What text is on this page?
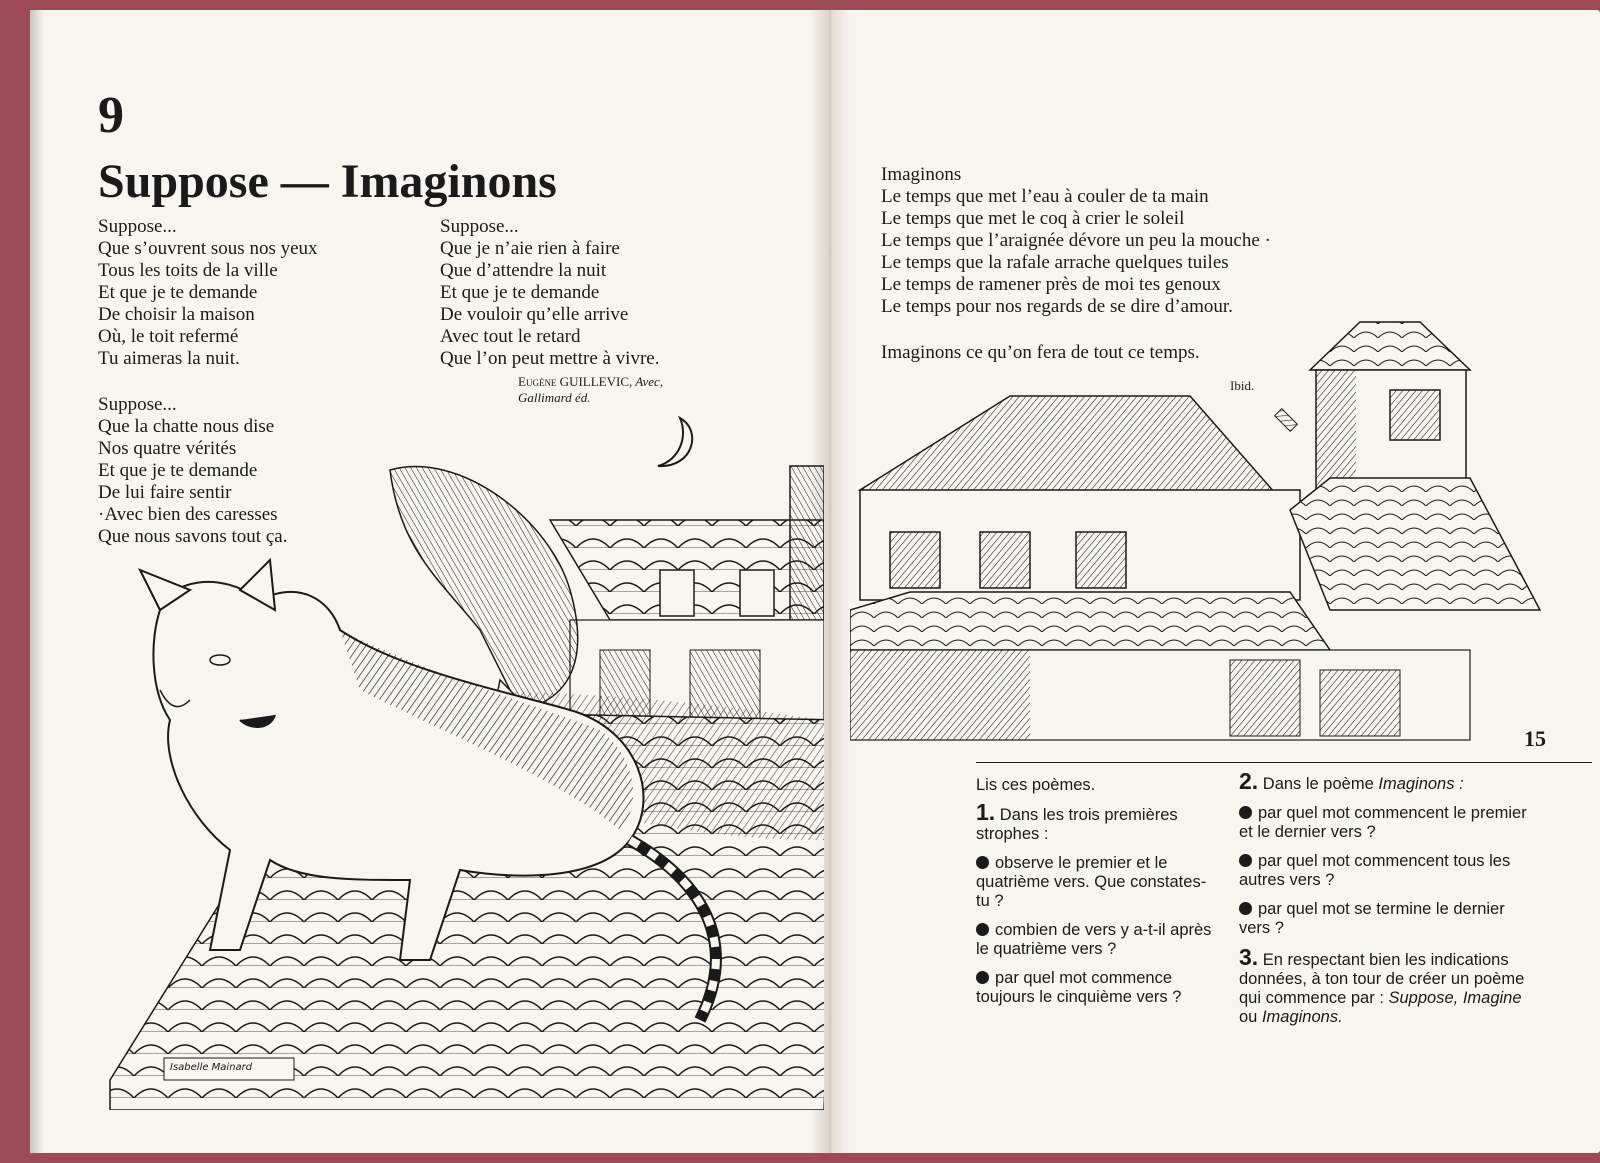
9
Suppose — Imaginons
Suppose...
Que s’ouvrent sous nos yeux
Tous les toits de la ville
Et que je te demande
De choisir la maison
Où, le toit refermé
Tu aimeras la nuit.
Suppose...
Que la chatte nous dise
Nos quatre vérités
Et que je te demande
De lui faire sentir
·Avec bien des caresses
Que nous savons tout ça.
Suppose...
Que je n’aie rien à faire
Que d’attendre la nuit
Et que je te demande
De vouloir qu’elle arrive
Avec tout le retard
Que l’on peut mettre à vivre.
Eugène GUILLEVIC, Avec,
Gallimard éd.
Isabelle Mainard
Imaginons
Le temps que met l’eau à couler de ta main
Le temps que met le coq à crier le soleil
Le temps que l’araignée dévore un peu la mouche ·
Le temps que la rafale arrache quelques tuiles
Le temps de ramener près de moi tes genoux
Le temps pour nos regards de se dire d’amour.
Imaginons ce qu’on fera de tout ce temps.
Ibid.
15
Lis ces poèmes.
1. Dans les trois premières strophes :
observe le premier et le quatrième vers. Que constates-tu ?
combien de vers y a-t-il après le quatrième vers ?
par quel mot commence toujours le cinquième vers ?
2. Dans le poème Imaginons :
par quel mot commencent le premier et le dernier vers ?
par quel mot commencent tous les autres vers ?
par quel mot se termine le dernier vers ?
3. En respectant bien les indications données, à ton tour de créer un poème qui commence par : Suppose, Imagine ou Imaginons.
